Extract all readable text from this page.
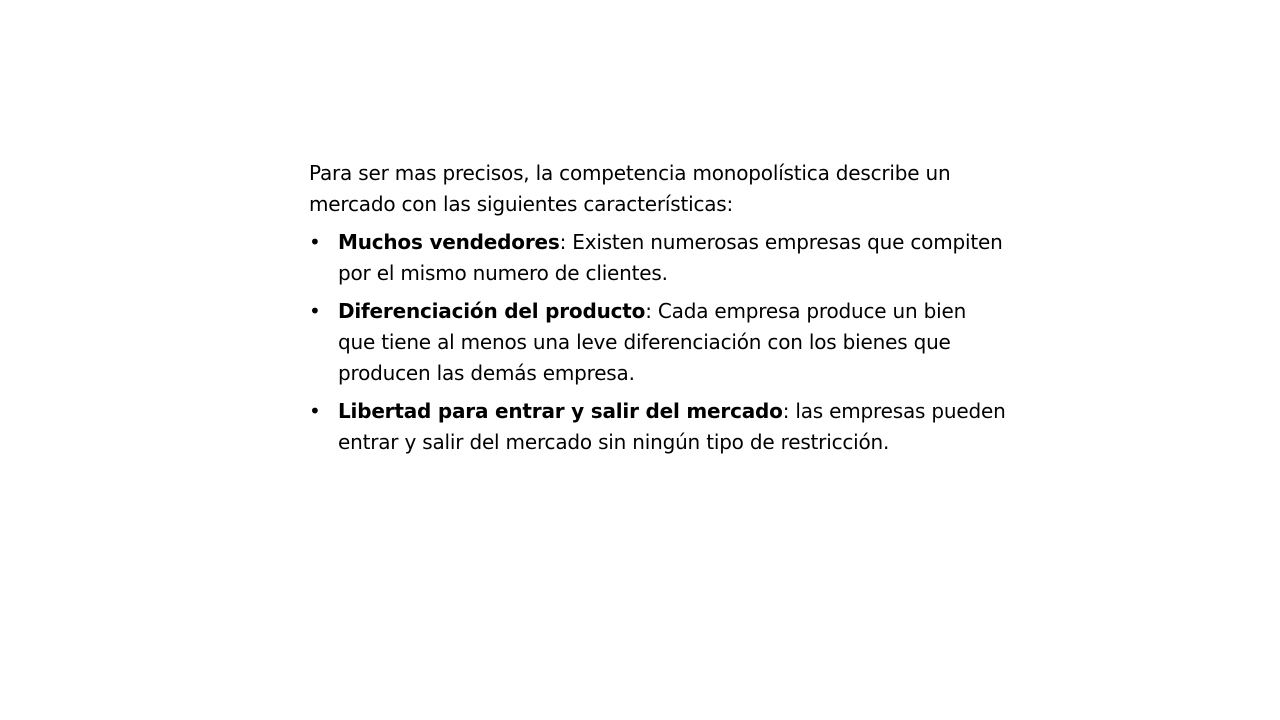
Para ser mas precisos, la competencia monopolística describe un mercado con las siguientes características:

• Muchos vendedores: Existen numerosas empresas que compiten por el mismo numero de clientes.
• Diferenciación del producto: Cada empresa produce un bien que tiene al menos una leve diferenciación con los bienes que producen las demás empresa.
• Libertad para entrar y salir del mercado: las empresas pueden entrar y salir del mercado sin ningún tipo de restricción.
